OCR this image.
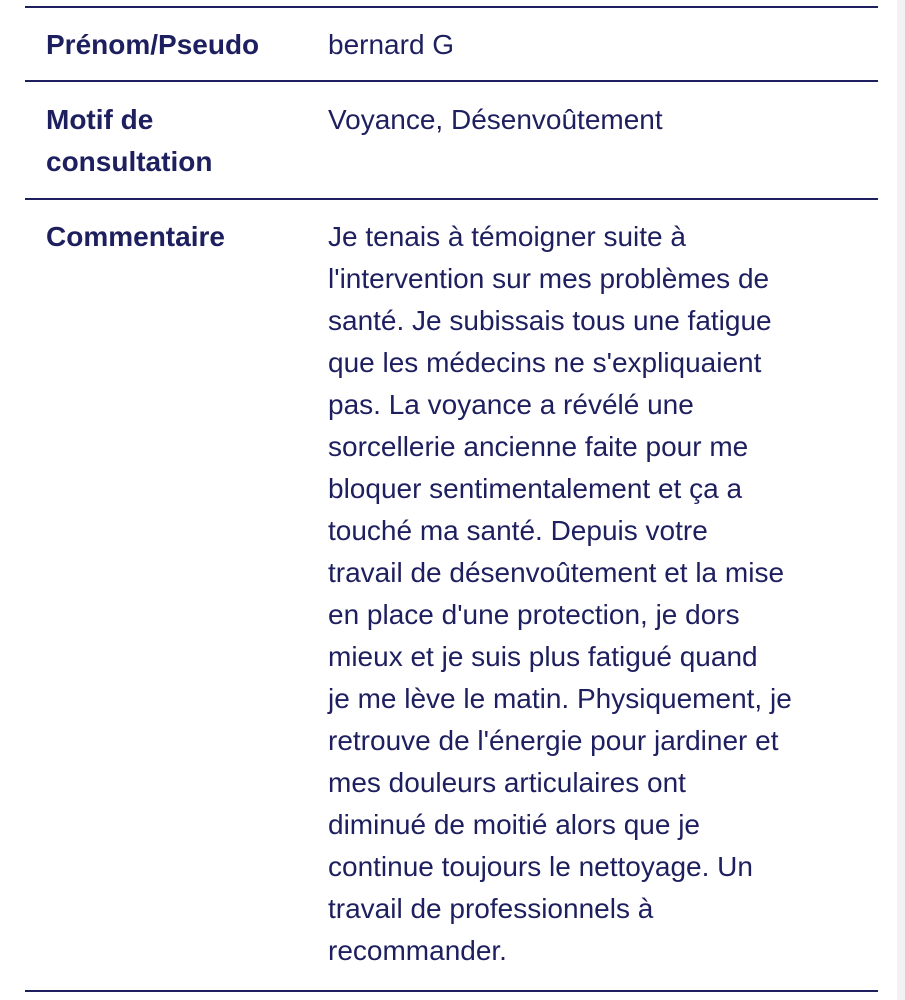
Prénom/Pseudo	bernard G
Motif de
consultation
Voyance, Désenvoûtement
Commentaire	Je tenais à témoigner suite à
l'intervention sur mes problèmes de
santé. Je subissais tous une fatigue
que les médecins ne s'expliquaient
pas. La voyance a révélé une
sorcellerie ancienne faite pour me
bloquer sentimentalement et ça a
touché ma santé. Depuis votre
travail de désenvoûtement et la mise
en place d'une protection, je dors
mieux et je suis plus fatigué quand
je me lève le matin. Physiquement, je
retrouve de l'énergie pour jardiner et
mes douleurs articulaires ont
diminué de moitié alors que je
continue toujours le nettoyage. Un
travail de professionnels à
recommander.
